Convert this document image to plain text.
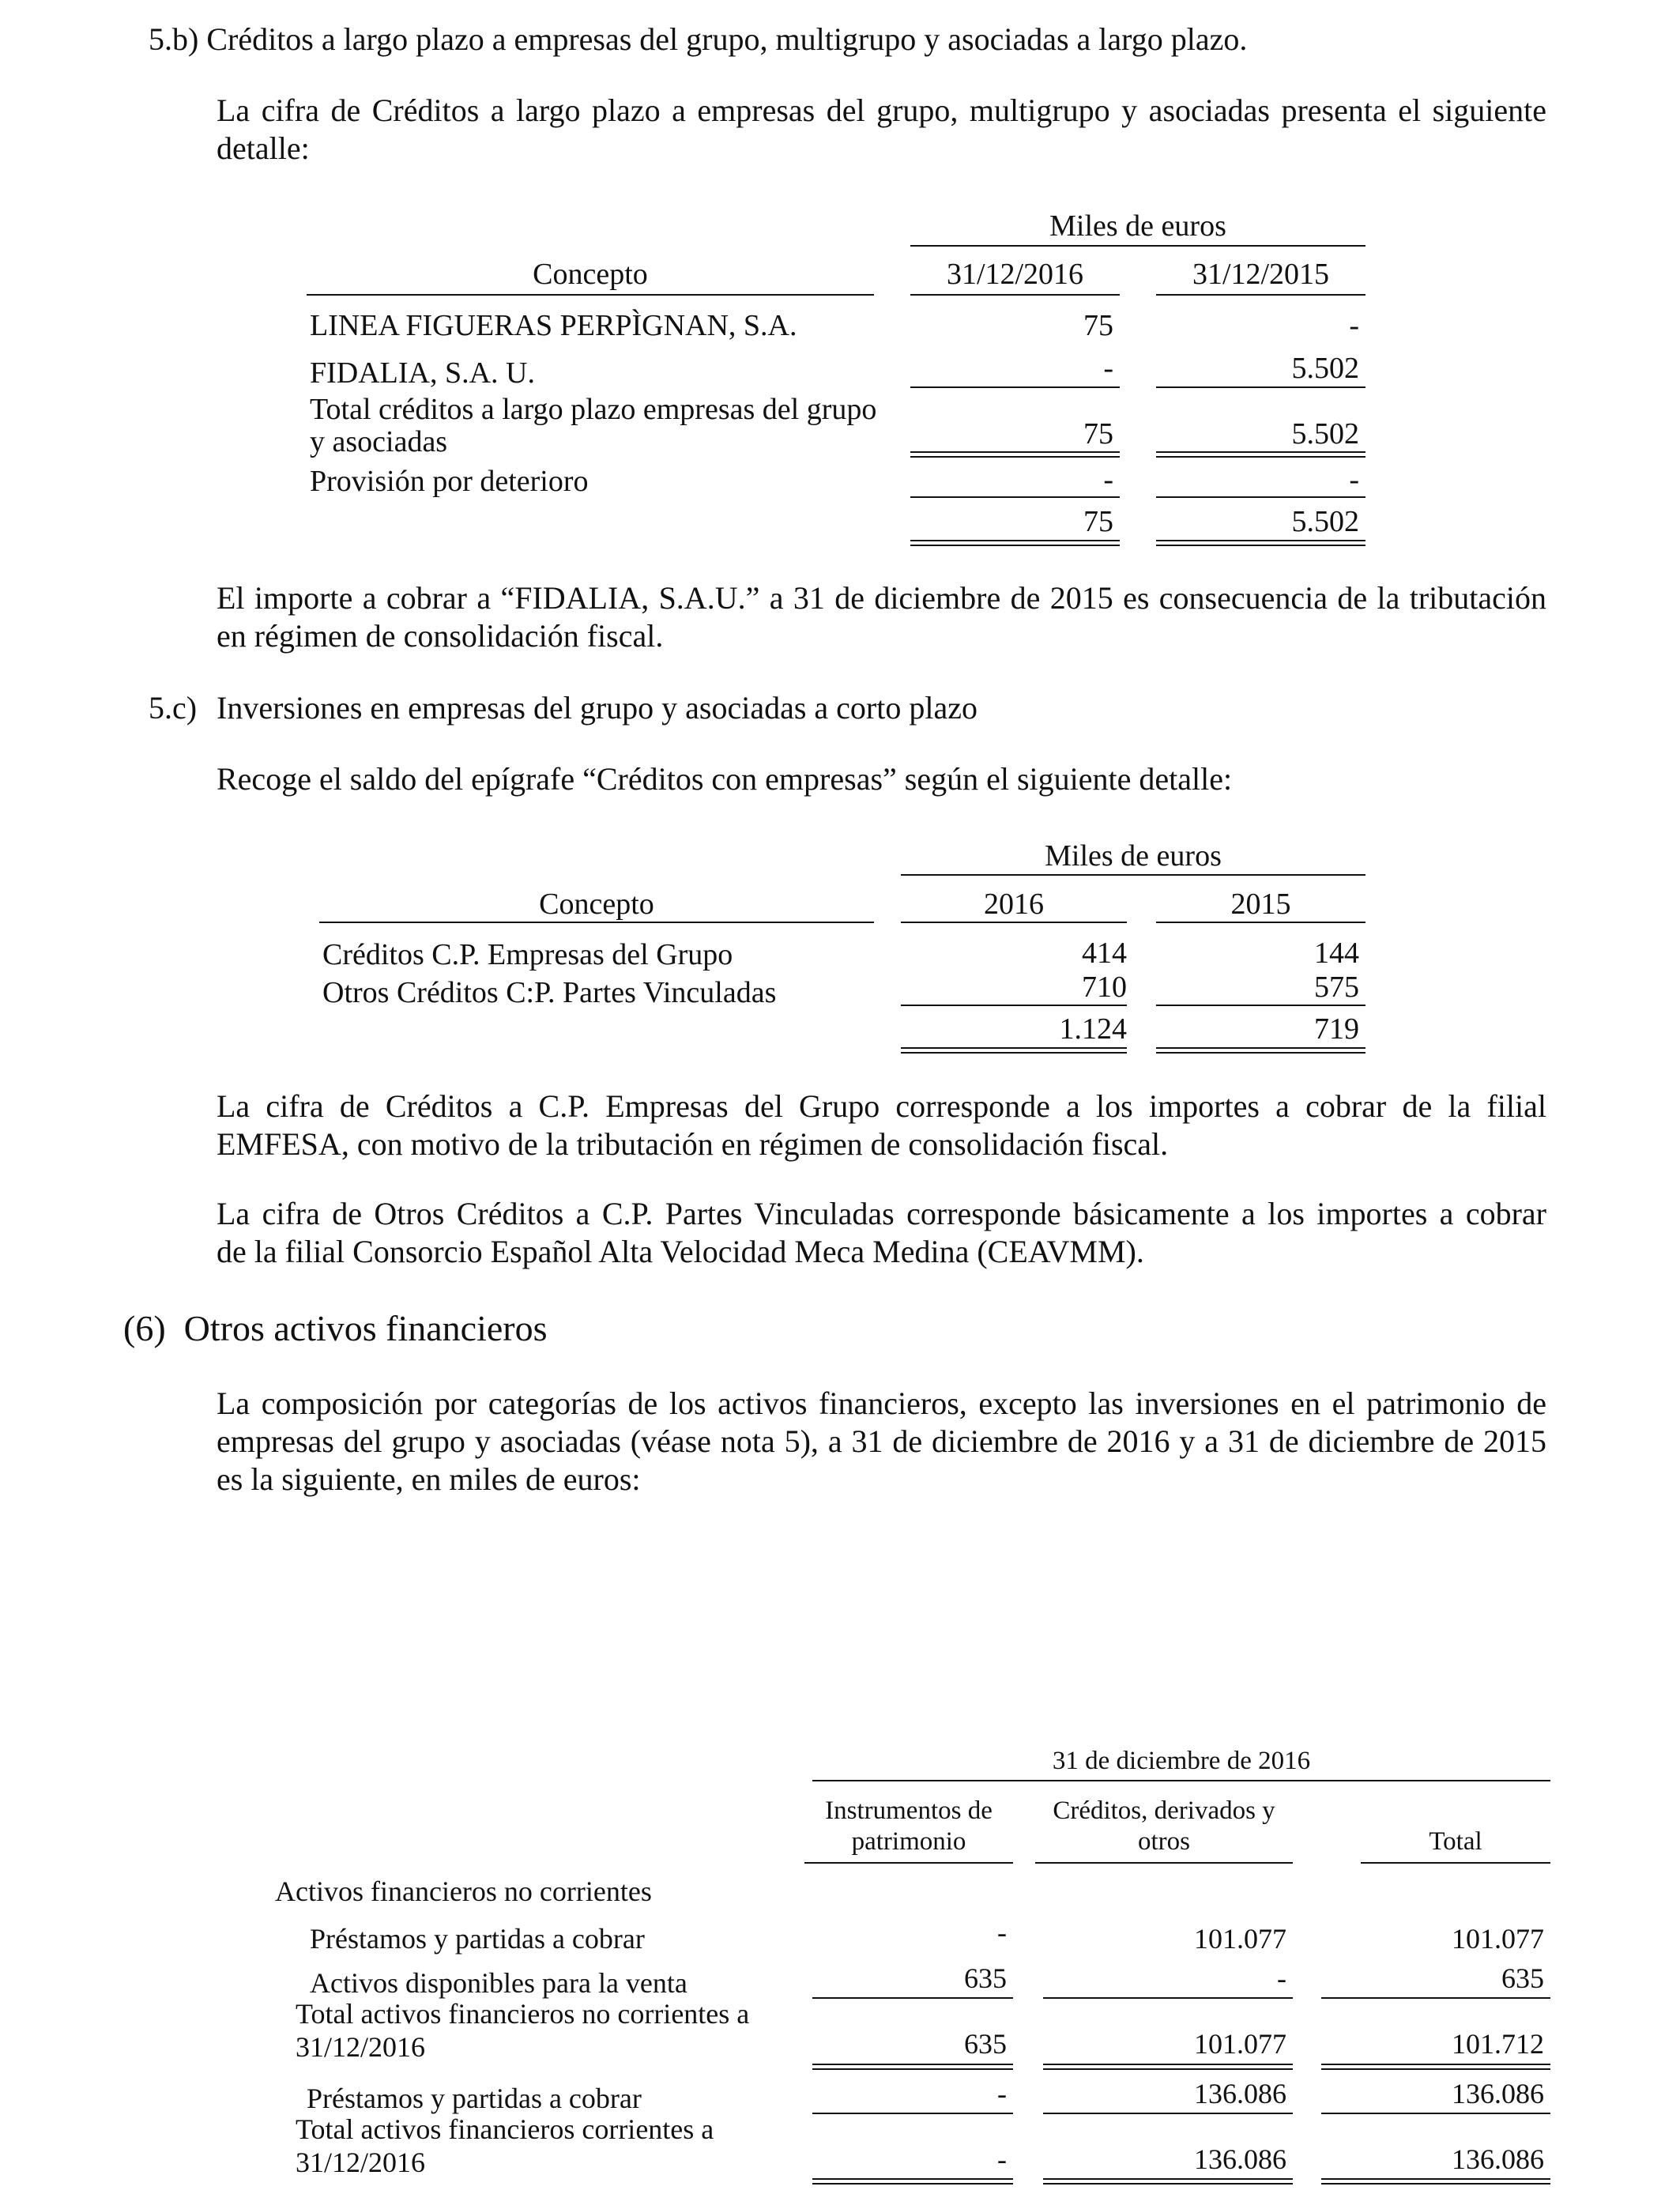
5.b) Créditos a largo plazo a empresas del grupo, multigrupo y asociadas a largo plazo.
La cifra de Créditos a largo plazo a empresas del grupo, multigrupo y asociadas presenta el siguiente
detalle:
Miles de euros
Concepto	31/12/2016	31/12/2015
LINEA FIGUERAS PERPÌGNAN, S.A.	75	-
FIDALIA, S.A. U.	-	5.502
Total créditos a largo plazo empresas del grupo
y asociadas	75	5.502
Provisión por deterioro	-	-
75	5.502
El importe a cobrar a “FIDALIA, S.A.U.” a 31 de diciembre de 2015 es consecuencia de la tributación
en régimen de consolidación fiscal.
5.c) Inversiones en empresas del grupo y asociadas a corto plazo
Recoge el saldo del epígrafe “Créditos con empresas” según el siguiente detalle:
Miles de euros
Concepto	2016	2015
Créditos C.P. Empresas del Grupo	414	144
Otros Créditos C:P. Partes Vinculadas	710	575
1.124	719
La cifra de Créditos a C.P. Empresas del Grupo corresponde a los importes a cobrar de la filial
EMFESA, con motivo de la tributación en régimen de consolidación fiscal.
La cifra de Otros Créditos a C.P. Partes Vinculadas corresponde básicamente a los importes a cobrar
de la filial Consorcio Español Alta Velocidad Meca Medina (CEAVMM).
(6)  Otros activos financieros
La composición por categorías de los activos financieros, excepto las inversiones en el patrimonio de
empresas del grupo y asociadas (véase nota 5), a 31 de diciembre de 2016 y a 31 de diciembre de 2015
es la siguiente, en miles de euros:
31 de diciembre de 2016
Instrumentos de
patrimonio
Créditos, derivados y
otros	Total
Activos financieros no corrientes
Préstamos y partidas a cobrar	-	101.077	101.077
Activos disponibles para la venta	635	-	635
Total activos financieros no corrientes a
31/12/2016	635	101.077	101.712
Préstamos y partidas a cobrar	-	136.086	136.086
Total activos financieros corrientes a
31/12/2016	-	136.086	136.086
